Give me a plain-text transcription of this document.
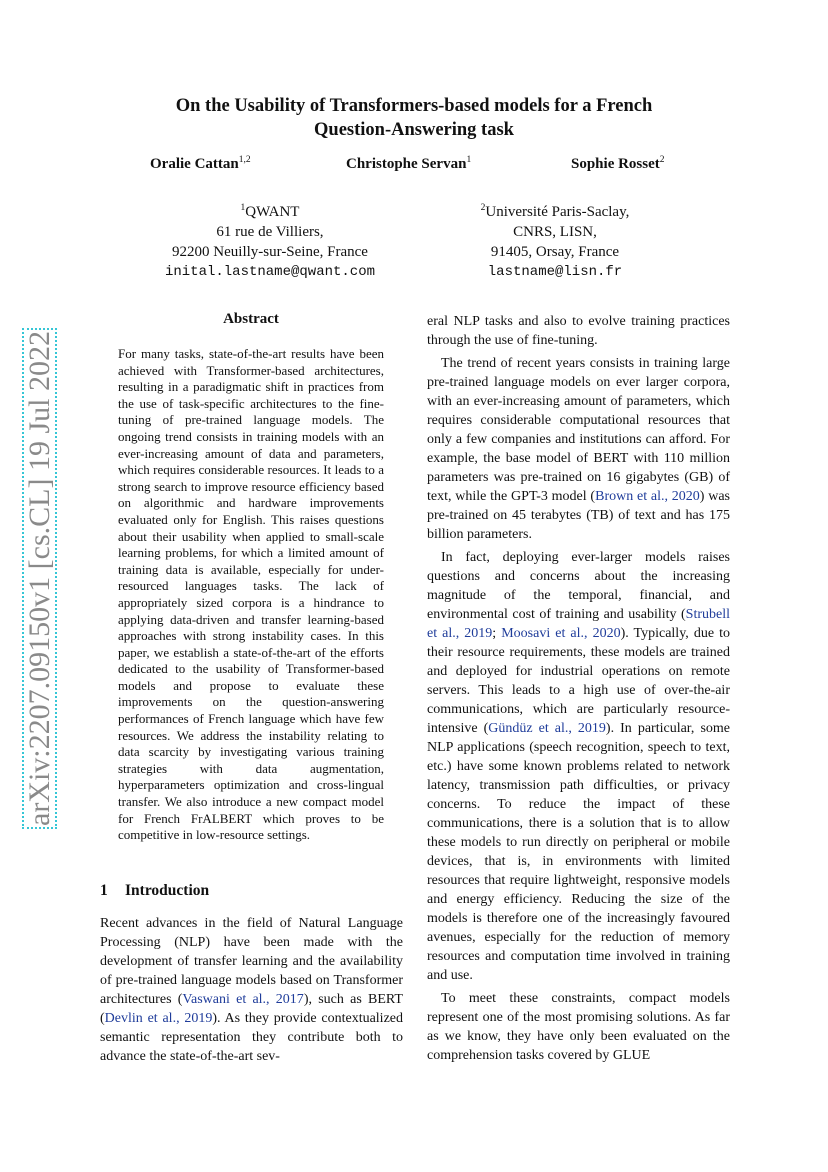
arXiv:2207.09150v1 [cs.CL] 19 Jul 2022
On the Usability of Transformers-based models for a French
Question-Answering task
Oralie Cattan$^{1,2}$	Christophe Servan$^1$	Sophie Rosset$^2$
$^1$QWANT
61 rue de Villiers,
92200 Neuilly-sur-Seine, France
inital.lastname@qwant.com
$^2$Université Paris-Saclay,
CNRS, LISN,
91405, Orsay, France
lastname@lisn.fr
Abstract
For many tasks, state-of-the-art results have been achieved with Transformer-based architectures, resulting in a paradigmatic shift in practices from the use of task-specific architectures to the fine-tuning of pre-trained language models. The ongoing trend consists in training models with an ever-increasing amount of data and parameters, which requires considerable resources. It leads to a strong search to improve resource efficiency based on algorithmic and hardware improvements evaluated only for English. This raises questions about their usability when applied to small-scale learning problems, for which a limited amount of training data is available, especially for under-resourced languages tasks. The lack of appropriately sized corpora is a hindrance to applying data-driven and transfer learning-based approaches with strong instability cases. In this paper, we establish a state-of-the-art of the efforts dedicated to the usability of Transformer-based models and propose to evaluate these improvements on the question-answering performances of French language which have few resources. We address the instability relating to data scarcity by investigating various training strategies with data augmentation, hyperparameters optimization and cross-lingual transfer. We also introduce a new compact model for French FrALBERT which proves to be competitive in low-resource settings.
1 Introduction

Recent advances in the field of Natural Language Processing (NLP) have been made with the development of transfer learning and the availability of pre-trained language models based on Transformer architectures (Vaswani et al., 2017), such as BERT (Devlin et al., 2019). As they provide contextualized semantic representation they contribute both to advance the state-of-the-art sev-

eral NLP tasks and also to evolve training practices through the use of fine-tuning.

The trend of recent years consists in training large pre-trained language models on ever larger corpora, with an ever-increasing amount of parameters, which requires considerable computational resources that only a few companies and institutions can afford. For example, the base model of BERT with 110 million parameters was pre-trained on 16 gigabytes (GB) of text, while the GPT-3 model (Brown et al., 2020) was pre-trained on 45 terabytes (TB) of text and has 175 billion parameters.

In fact, deploying ever-larger models raises questions and concerns about the increasing magnitude of the temporal, financial, and environmental cost of training and usability (Strubell et al., 2019; Moosavi et al., 2020). Typically, due to their resource requirements, these models are trained and deployed for industrial operations on remote servers. This leads to a high use of over-the-air communications, which are particularly resource-intensive (Gündüz et al., 2019). In particular, some NLP applications (speech recognition, speech to text, etc.) have some known problems related to network latency, transmission path difficulties, or privacy concerns. To reduce the impact of these communications, there is a solution that is to allow these models to run directly on peripheral or mobile devices, that is, in environments with limited resources that require lightweight, responsive models and energy efficiency. Reducing the size of the models is therefore one of the increasingly favoured avenues, especially for the reduction of memory resources and computation time involved in training and use.

To meet these constraints, compact models represent one of the most promising solutions. As far as we know, they have only been evaluated on the comprehension tasks covered by GLUE
